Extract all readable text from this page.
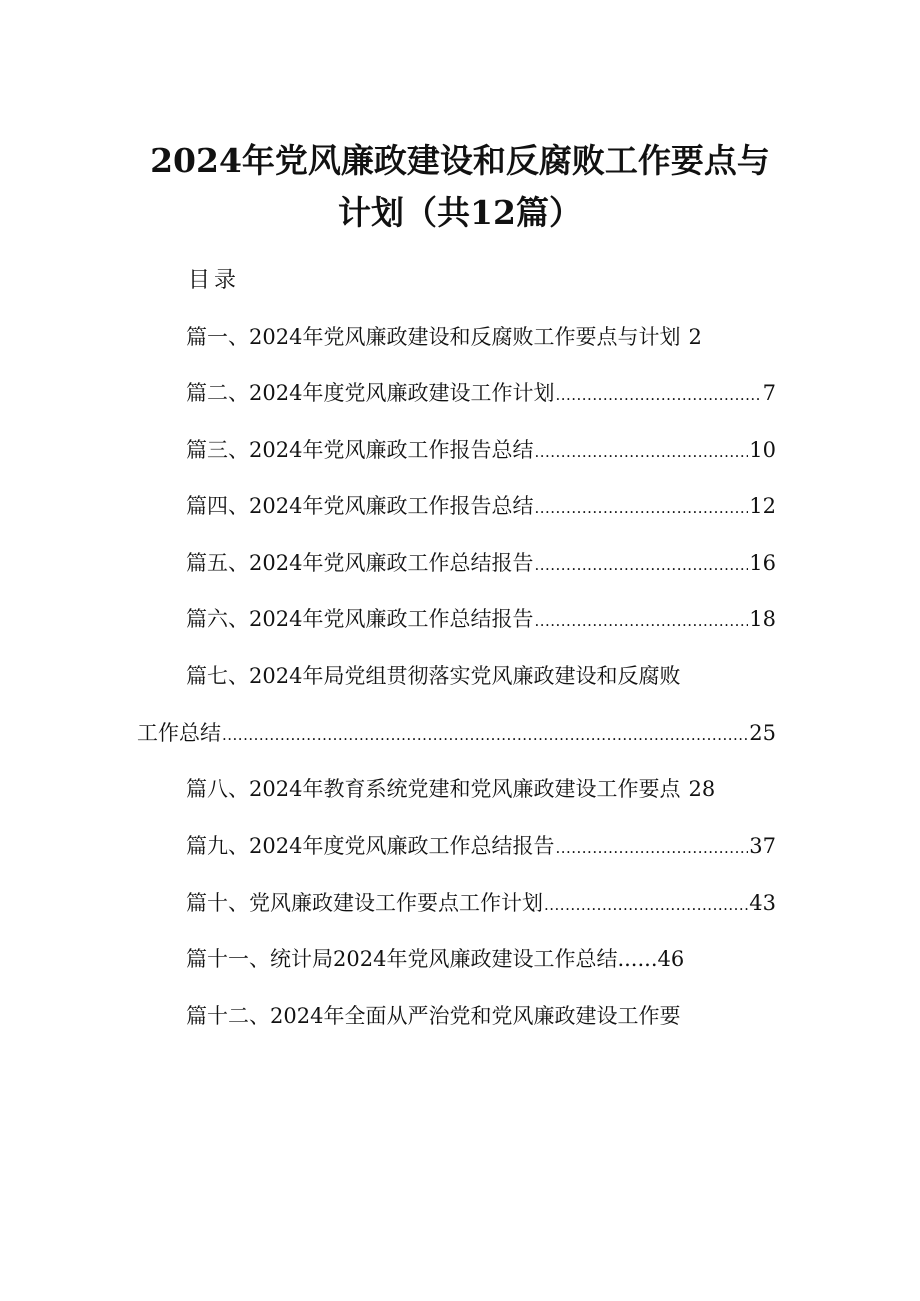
2024年党风廉政建设和反腐败工作要点与
计划（共12篇）
目录
篇一、2024年党风廉政建设和反腐败工作要点与计划 2
篇二、2024年度党风廉政建设工作计划 .....	7
篇三、2024年党风廉政工作报告总结 .....	10
篇四、2024年党风廉政工作报告总结 .....	12
篇五、2024年党风廉政工作总结报告 .....	16
篇六、2024年党风廉政工作总结报告 .....	18
篇七、2024年局党组贯彻落实党风廉政建设和反腐败
工作总结 .....	25
篇八、2024年教育系统党建和党风廉政建设工作要点 28
篇九、2024年度党风廉政工作总结报告 .....	37
篇十、党风廉政建设工作要点工作计划 .....	43
篇十一、统计局2024年党风廉政建设工作总结 ...... 46
篇十二、2024年全面从严治党和党风廉政建设工作要
